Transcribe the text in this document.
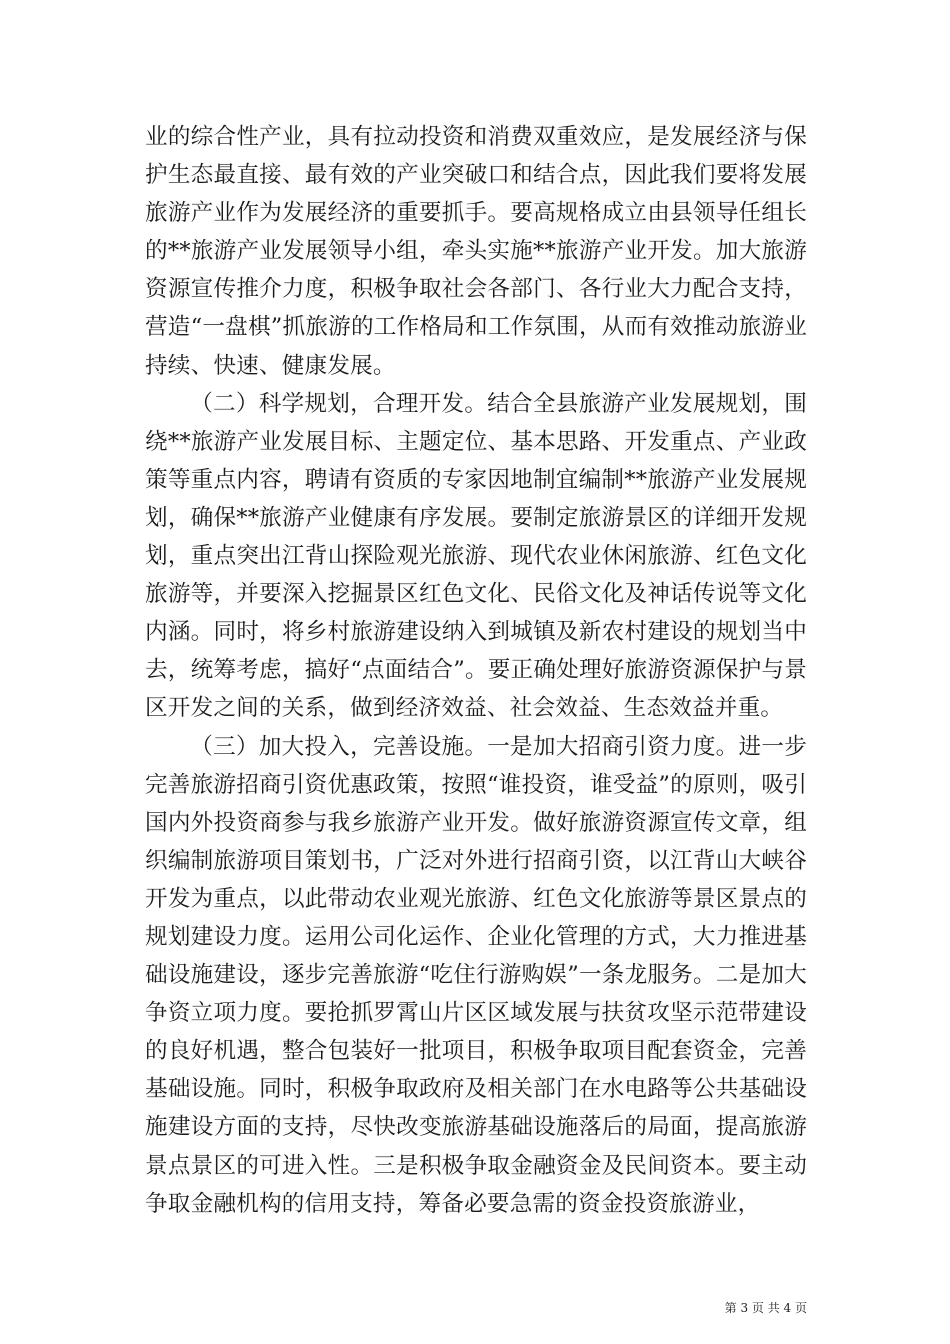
业的综合性产业，具有拉动投资和消费双重效应，是发展经济与保护生态最直接、最有效的产业突破口和结合点，因此我们要将发展旅游产业作为发展经济的重要抓手。要高规格成立由县领导任组长的**旅游产业发展领导小组，牵头实施**旅游产业开发。加大旅游资源宣传推介力度，积极争取社会各部门、各行业大力配合支持，营造“一盘棋”抓旅游的工作格局和工作氛围，从而有效推动旅游业持续、快速、健康发展。

（二）科学规划，合理开发。结合全县旅游产业发展规划，围绕**旅游产业发展目标、主题定位、基本思路、开发重点、产业政策等重点内容，聘请有资质的专家因地制宜编制**旅游产业发展规划，确保**旅游产业健康有序发展。要制定旅游景区的详细开发规划，重点突出江背山探险观光旅游、现代农业休闲旅游、红色文化旅游等，并要深入挖掘景区红色文化、民俗文化及神话传说等文化内涵。同时，将乡村旅游建设纳入到城镇及新农村建设的规划当中去，统筹考虑，搞好“点面结合”。要正确处理好旅游资源保护与景区开发之间的关系，做到经济效益、社会效益、生态效益并重。

（三）加大投入，完善设施。一是加大招商引资力度。进一步完善旅游招商引资优惠政策，按照“谁投资，谁受益”的原则，吸引国内外投资商参与我乡旅游产业开发。做好旅游资源宣传文章，组织编制旅游项目策划书，广泛对外进行招商引资，以江背山大峡谷开发为重点，以此带动农业观光旅游、红色文化旅游等景区景点的规划建设力度。运用公司化运作、企业化管理的方式，大力推进基础设施建设，逐步完善旅游“吃住行游购娱”一条龙服务。二是加大争资立项力度。要抢抓罗霄山片区区域发展与扶贫攻坚示范带建设的良好机遇，整合包装好一批项目，积极争取项目配套资金，完善基础设施。同时，积极争取政府及相关部门在水电路等公共基础设施建设方面的支持，尽快改变旅游基础设施落后的局面，提高旅游景点景区的可进入性。三是积极争取金融资金及民间资本。要主动争取金融机构的信用支持，筹备必要急需的资金投资旅游业，

第 3 页 共 4 页
